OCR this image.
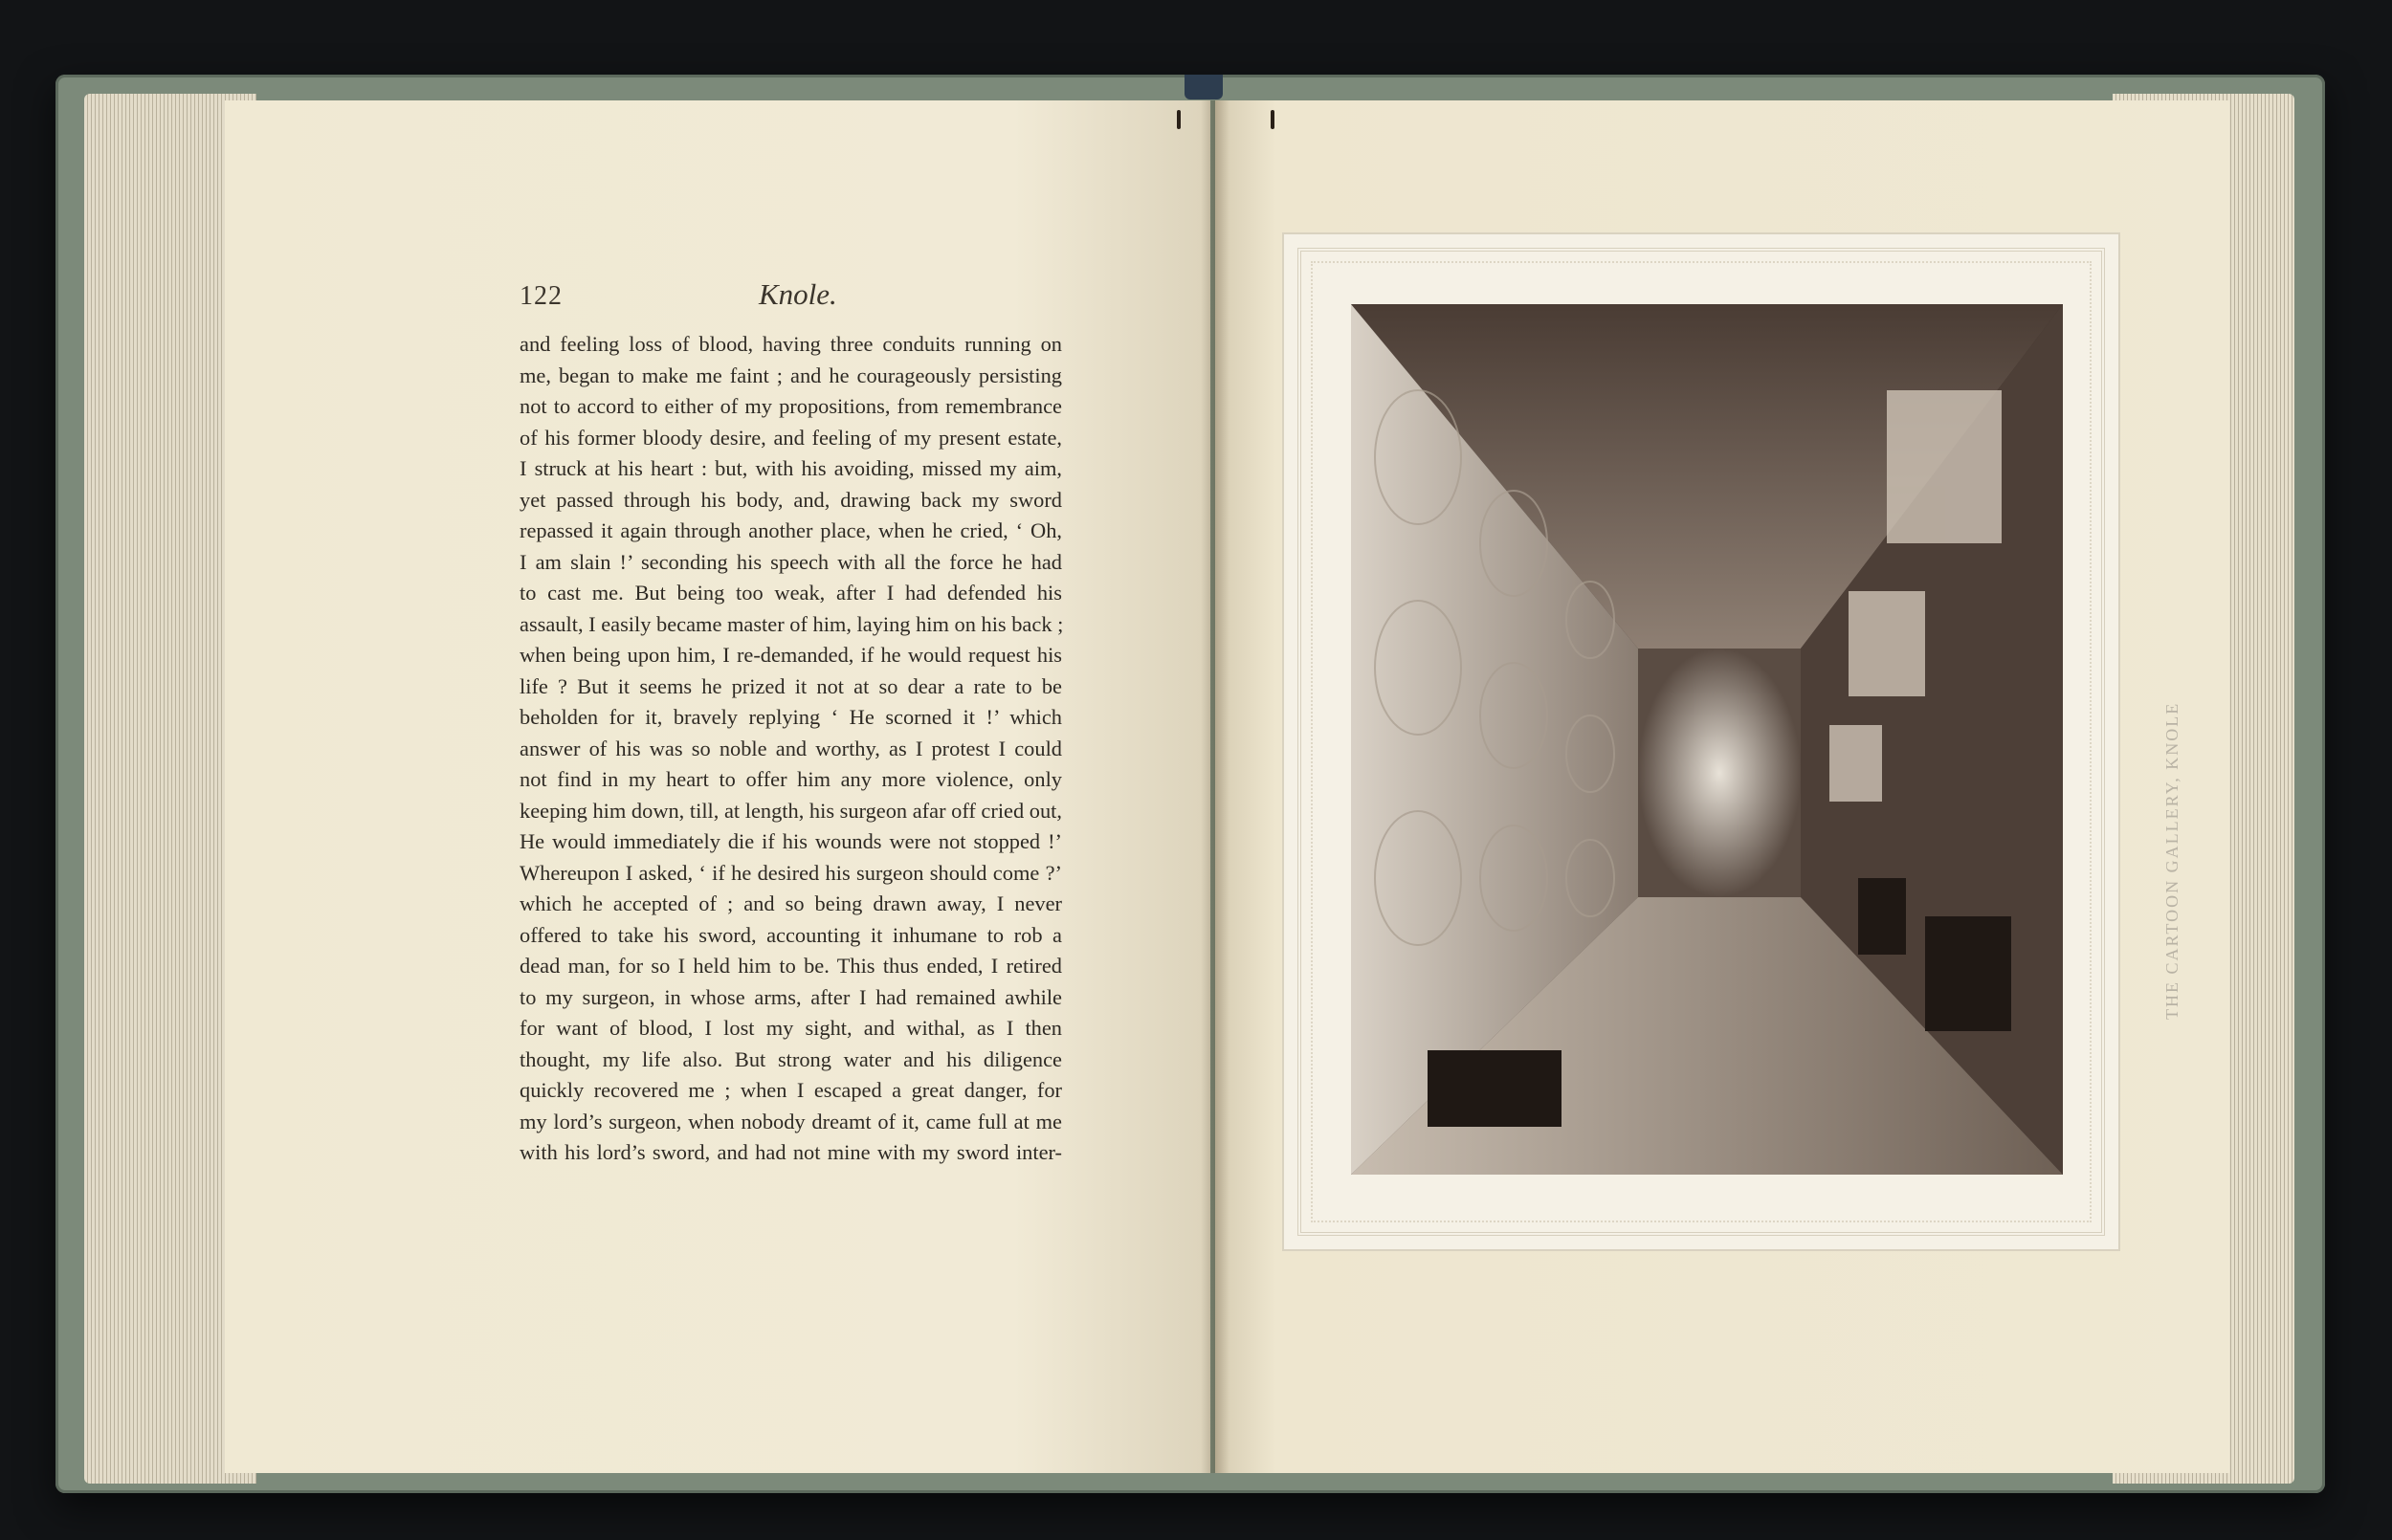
122	Knole.
and feeling loss of blood, having three conduits running on
me, began to make me faint ; and he courageously persisting
not to accord to either of my propositions, from remembrance
of his former bloody desire, and feeling of my present estate,
I struck at his heart : but, with his avoiding, missed my aim,
yet passed through his body, and, drawing back my sword
repassed it again through another place, when he cried, ‘ Oh,
I am slain !’ seconding his speech with all the force he had
to cast me. But being too weak, after I had defended his
assault, I easily became master of him, laying him on his back ;
when being upon him, I re-demanded, if he would request his
life ? But it seems he prized it not at so dear a rate to be
beholden for it, bravely replying ‘ He scorned it !’ which
answer of his was so noble and worthy, as I protest I could
not find in my heart to offer him any more violence, only
keeping him down, till, at length, his surgeon afar off cried out,
He would immediately die if his wounds were not stopped !’
Whereupon I asked, ‘ if he desired his surgeon should come ?’
which he accepted of ; and so being drawn away, I never
offered to take his sword, accounting it inhumane to rob a
dead man, for so I held him to be. This thus ended, I retired
to my surgeon, in whose arms, after I had remained awhile
for want of blood, I lost my sight, and withal, as I then
thought, my life also. But strong water and his diligence
quickly recovered me ; when I escaped a great danger, for
my lord’s surgeon, when nobody dreamt of it, came full at me
with his lord’s sword, and had not mine with my sword inter-
THE CARTOON GALLERY, KNOLE
